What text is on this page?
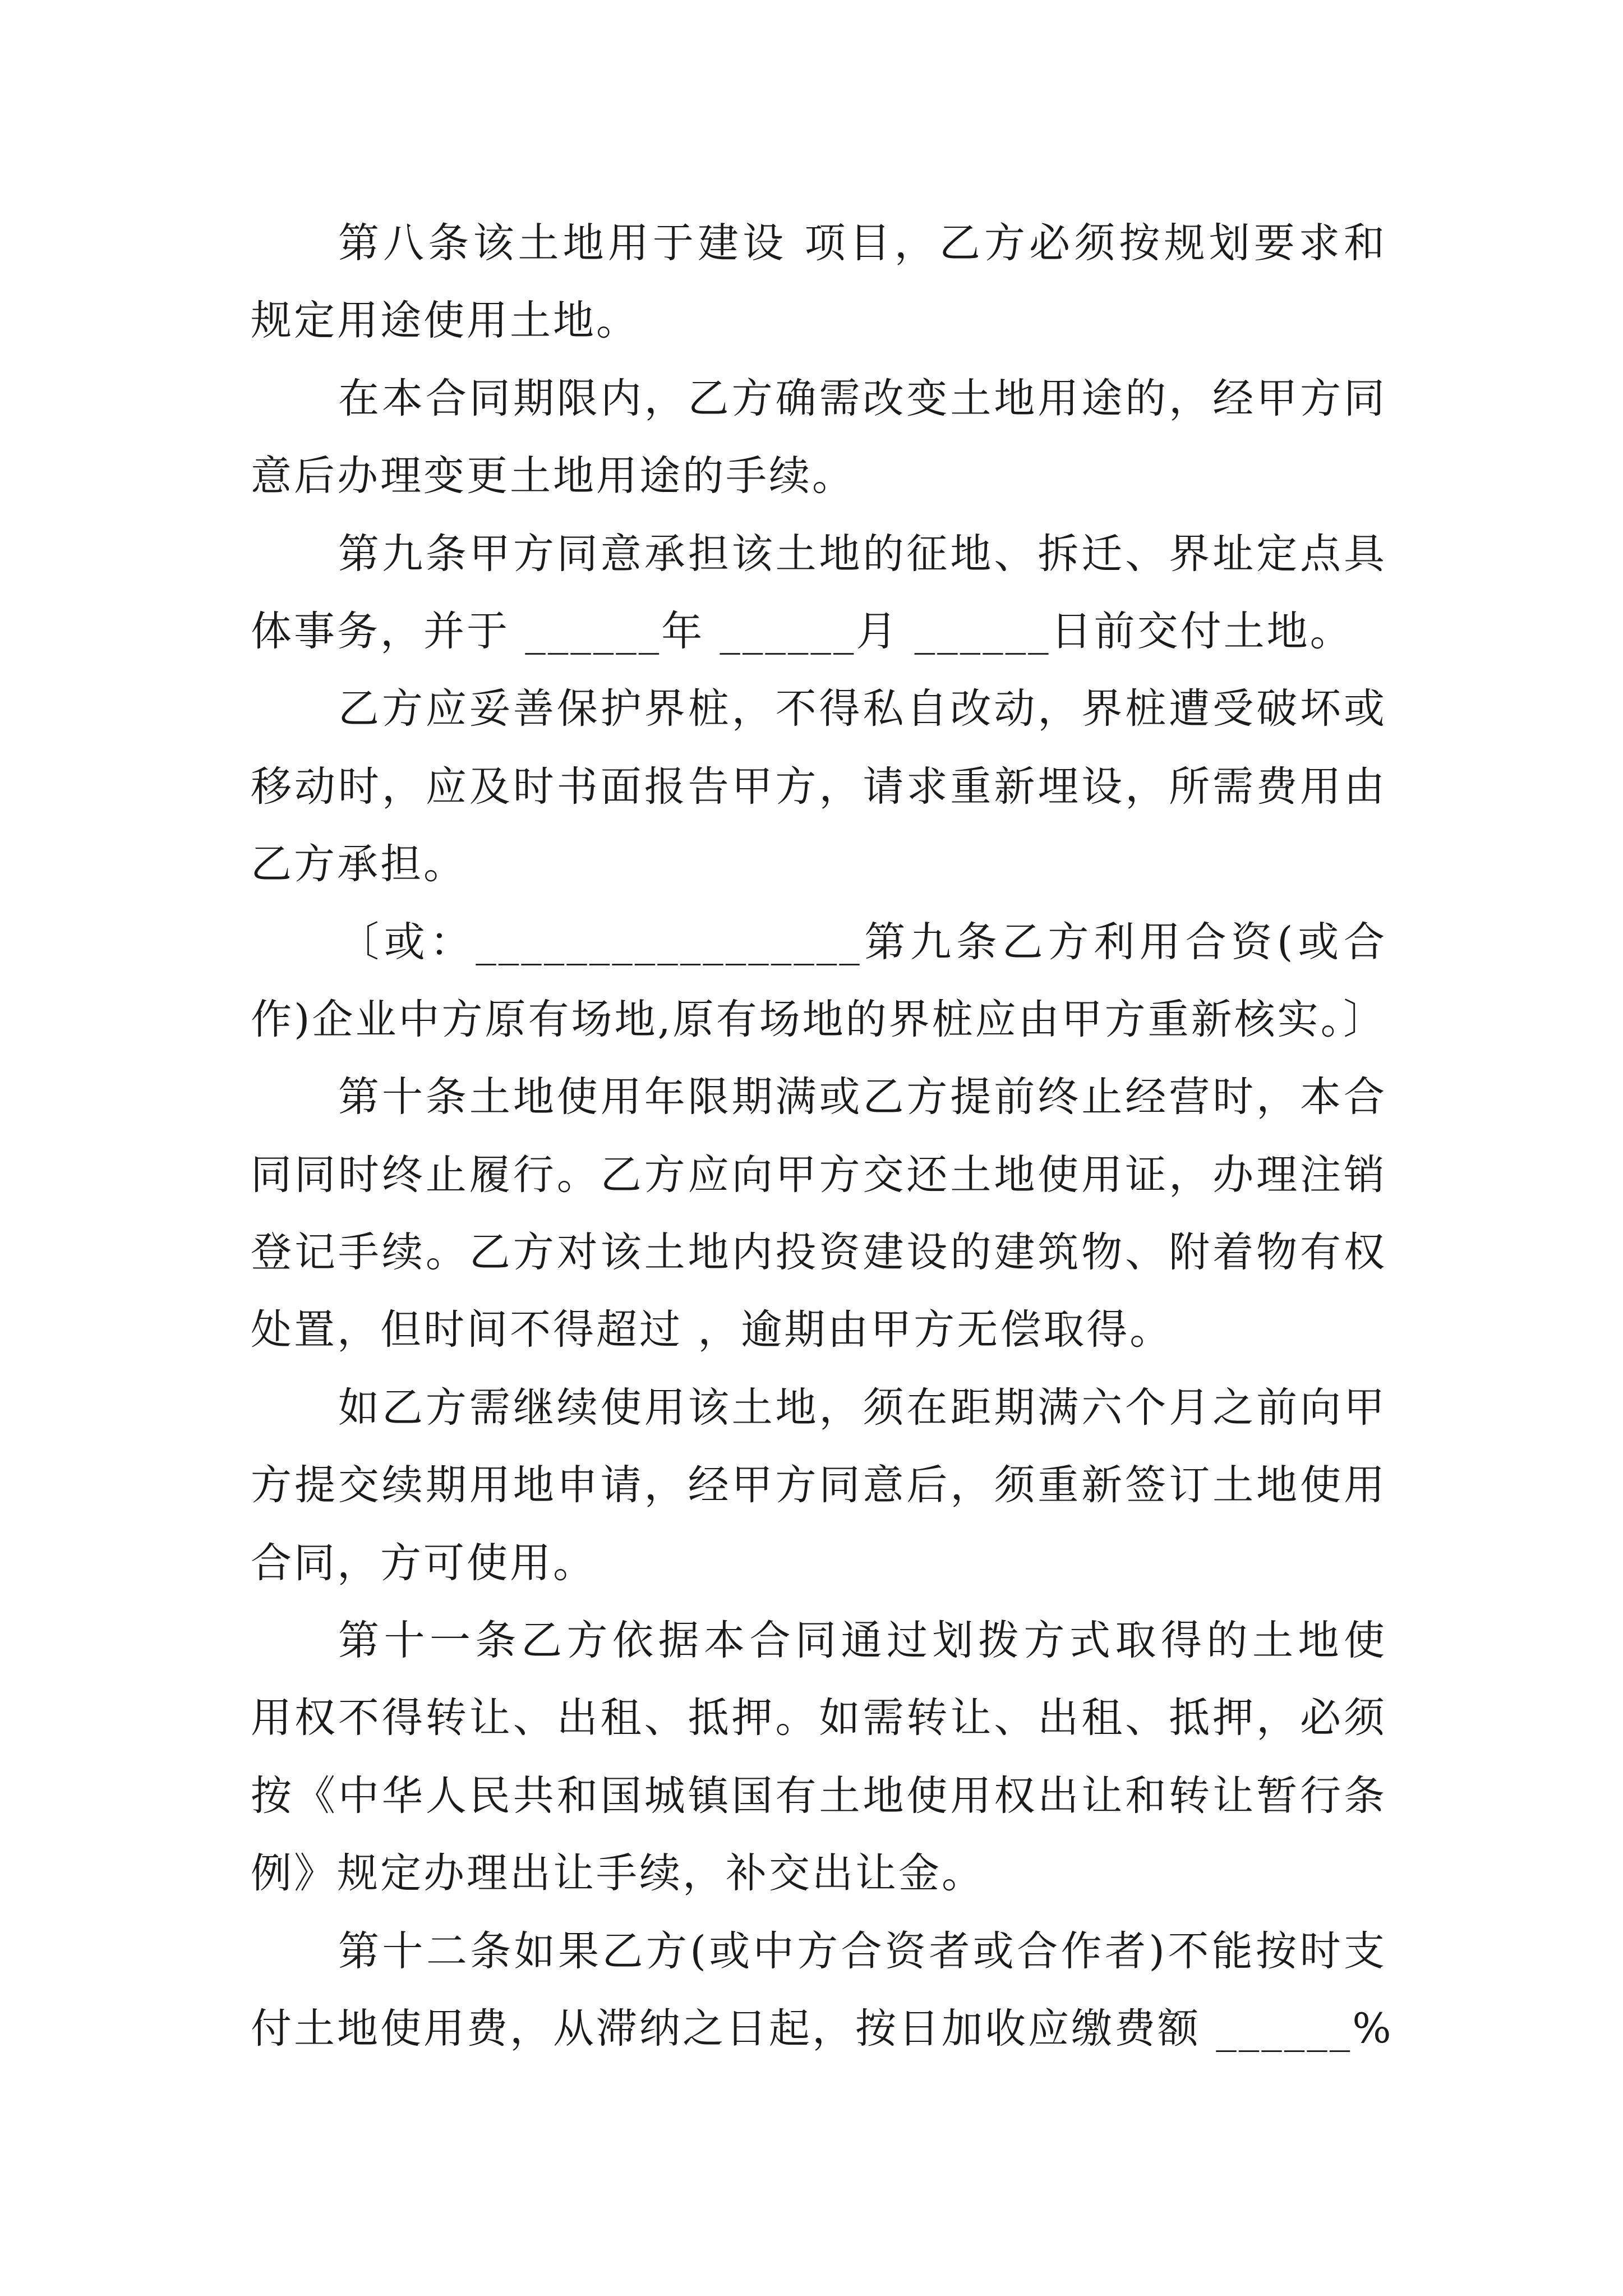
第八条该土地用于建设 项目，乙方必须按规划要求和
规定用途使用土地。
在本合同期限内，乙方确需改变土地用途的，经甲方同
意后办理变更土地用途的手续。
第九条甲方同意承担该土地的征地、拆迁、界址定点具
体事务，并于 ______年 ______月 ______日前交付土地。
乙方应妥善保护界桩，不得私自改动，界桩遭受破坏或
移动时，应及时书面报告甲方，请求重新埋设，所需费用由
乙方承担。
〔或：_________________第九条乙方利用合资(或合
作)企业中方原有场地,原有场地的界桩应由甲方重新核实。〕
第十条土地使用年限期满或乙方提前终止经营时，本合
同同时终止履行。乙方应向甲方交还土地使用证，办理注销
登记手续。乙方对该土地内投资建设的建筑物、附着物有权
处置，但时间不得超过 ，逾期由甲方无偿取得。
如乙方需继续使用该土地，须在距期满六个月之前向甲
方提交续期用地申请，经甲方同意后，须重新签订土地使用
合同，方可使用。
第十一条乙方依据本合同通过划拨方式取得的土地使
用权不得转让、出租、抵押。如需转让、出租、抵押，必须
按《中华人民共和国城镇国有土地使用权出让和转让暂行条
例》规定办理出让手续，补交出让金。
第十二条如果乙方(或中方合资者或合作者)不能按时支
付土地使用费，从滞纳之日起，按日加收应缴费额 ______%
